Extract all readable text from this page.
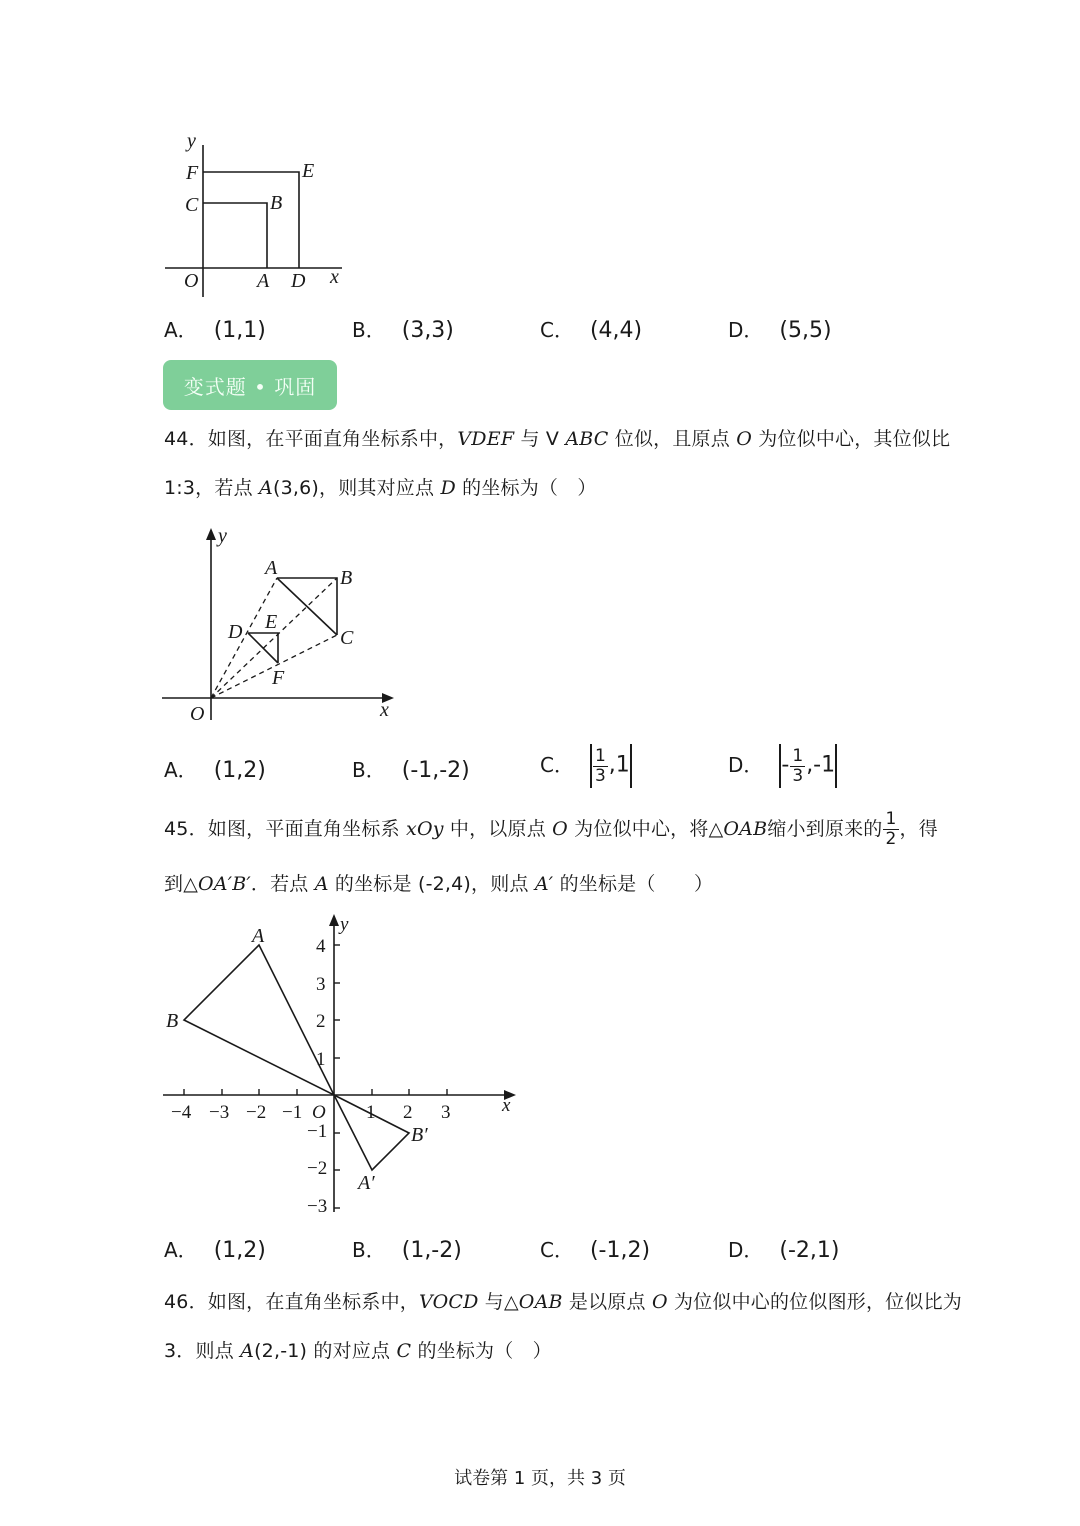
y
F	E
C	B
O	A D x
A． (1,1)	B． (3,3)	C． (4,4)	D． (5,5)
变式题 • 巩固
44．如图，在平面直角坐标系中，VDEF 与 V ABC 位似，且原点 O 为位似中心，其位似比
1:3，若点 A(3,6)，则其对应点 D 的坐标为（　）
y
A	B
C
D E
F
O	x
A． (1,2)	B． (-1,-2)	C． $\frac{1}{3} ,1$	D． - $\frac{1}{3} ,-1$
45．如图，平面直角坐标系 xOy 中，以原点 O 为位似中心，将△OAB缩小到原来的 $\frac{1}{2}$ ，得
到△OA′B′．若点 A 的坐标是 (-2,4)，则点 A′ 的坐标是（　　）
−4 −3 −2 −1	1 2 3
4
3
2
1
−1
−2
−3
y
x
O
A
B
A′
B′
A． (1,2)	B． (1,-2)	C． (-1,2)	D． (-2,1)
46．如图，在直角坐标系中，VOCD 与△OAB 是以原点 O 为位似中心的位似图形，位似比为
3．则点 A(2,-1) 的对应点 C 的坐标为（　）
试卷第 1 页，共 3 页
